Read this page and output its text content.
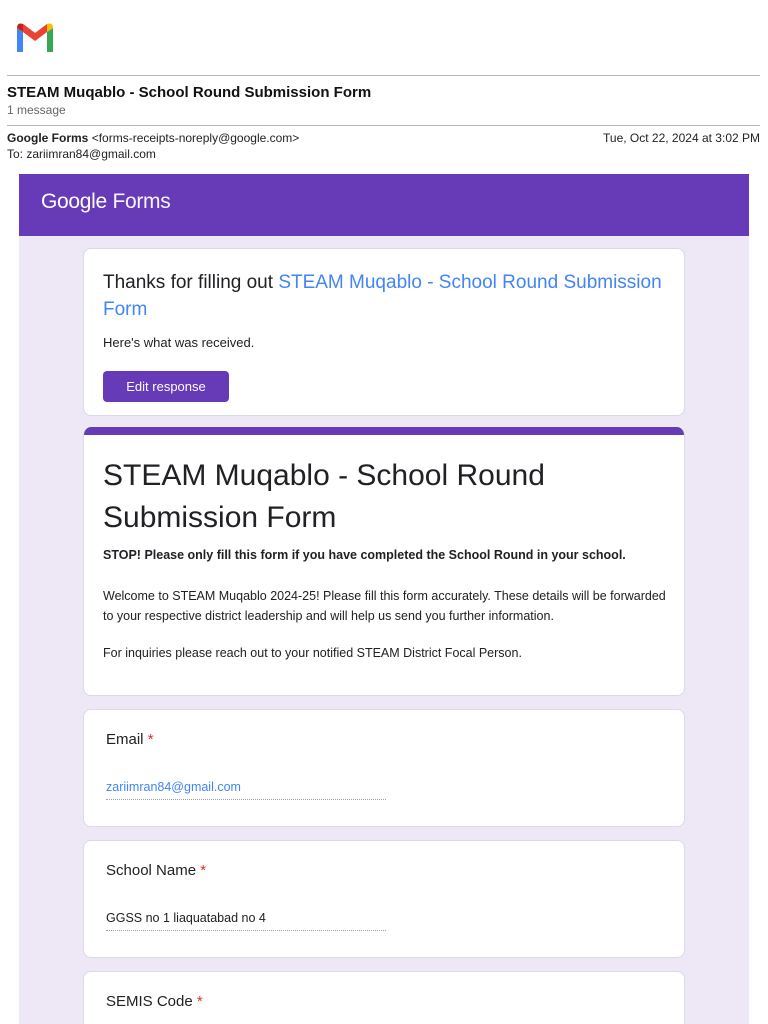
STEAM Muqablo - School Round Submission Form
1 message
Google Forms <forms-receipts-noreply@google.com>
To: zariimran84@gmail.com
Tue, Oct 22, 2024 at 3:02 PM
Google Forms
Thanks for filling out STEAM Muqablo - School Round Submission Form
Here's what was received.
Edit response
STEAM Muqablo - School Round Submission Form
STOP! Please only fill this form if you have completed the School Round in your school.
Welcome to STEAM Muqablo 2024-25! Please fill this form accurately. These details will be forwarded to your respective district leadership and will help us send you further information.
For inquiries please reach out to your notified STEAM District Focal Person.
Email *
zariimran84@gmail.com
School Name *
GGSS no 1 liaquatabad no 4
SEMIS Code *
